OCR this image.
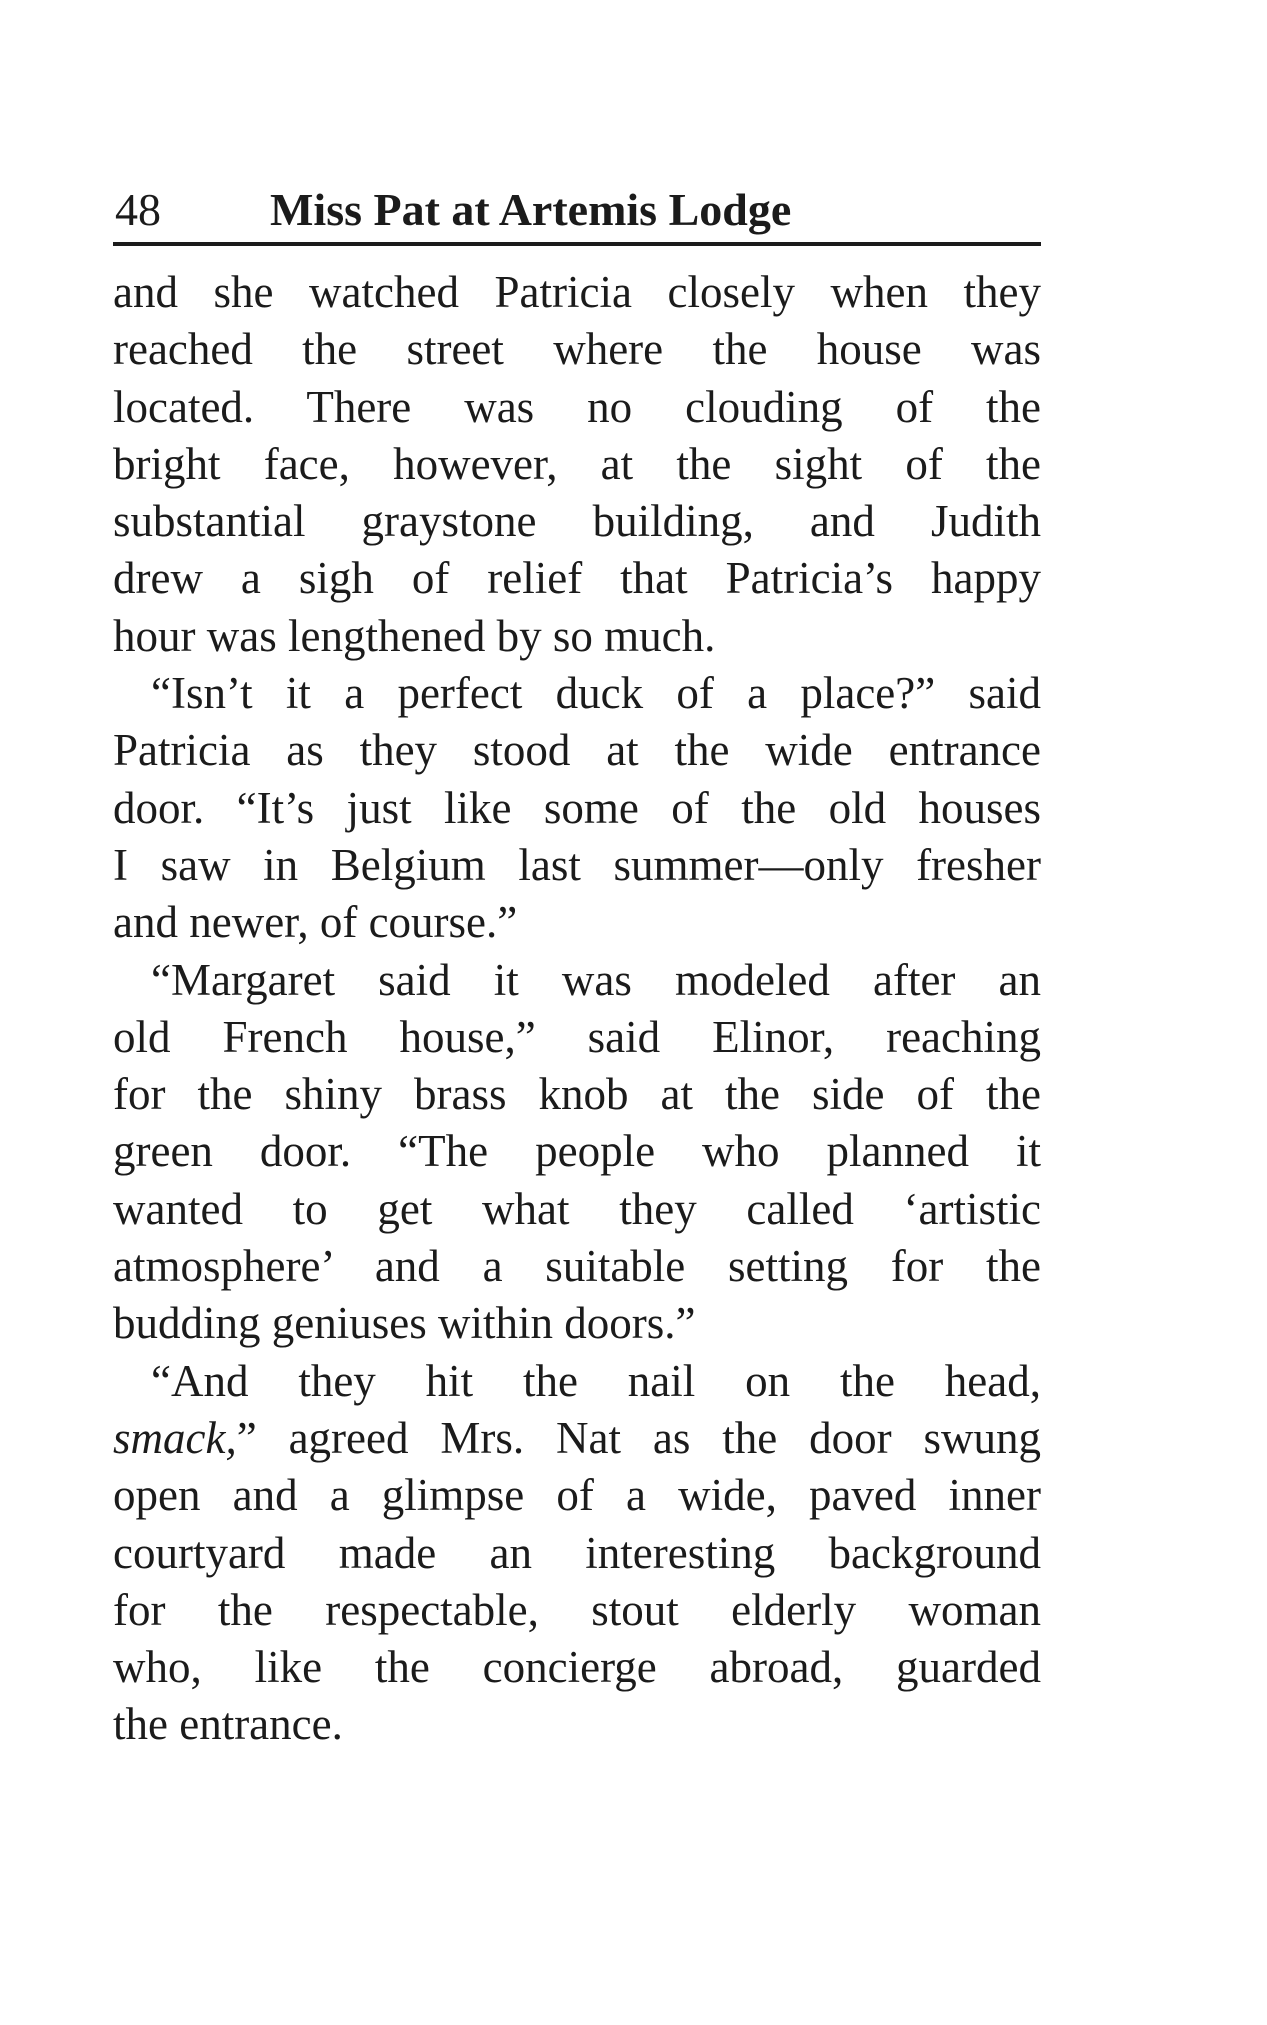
48 Miss Pat at Artemis Lodge
and she watched Patricia closely when they
reached the street where the house was
located. There was no clouding of the
bright face, however, at the sight of the
substantial graystone building, and Judith
drew a sigh of relief that Patricia’s happy
hour was lengthened by so much.
“Isn’t it a perfect duck of a place?” said
Patricia as they stood at the wide entrance
door. “It’s just like some of the old houses
I saw in Belgium last summer—only fresher
and newer, of course.”
“Margaret said it was modeled after an
old French house,” said Elinor, reaching
for the shiny brass knob at the side of the
green door. “The people who planned it
wanted to get what they called ‘artistic
atmosphere’ and a suitable setting for the
budding geniuses within doors.”
“And they hit the nail on the head,
smack,” agreed Mrs. Nat as the door swung
open and a glimpse of a wide, paved inner
courtyard made an interesting background
for the respectable, stout elderly woman
who, like the concierge abroad, guarded
the entrance.
